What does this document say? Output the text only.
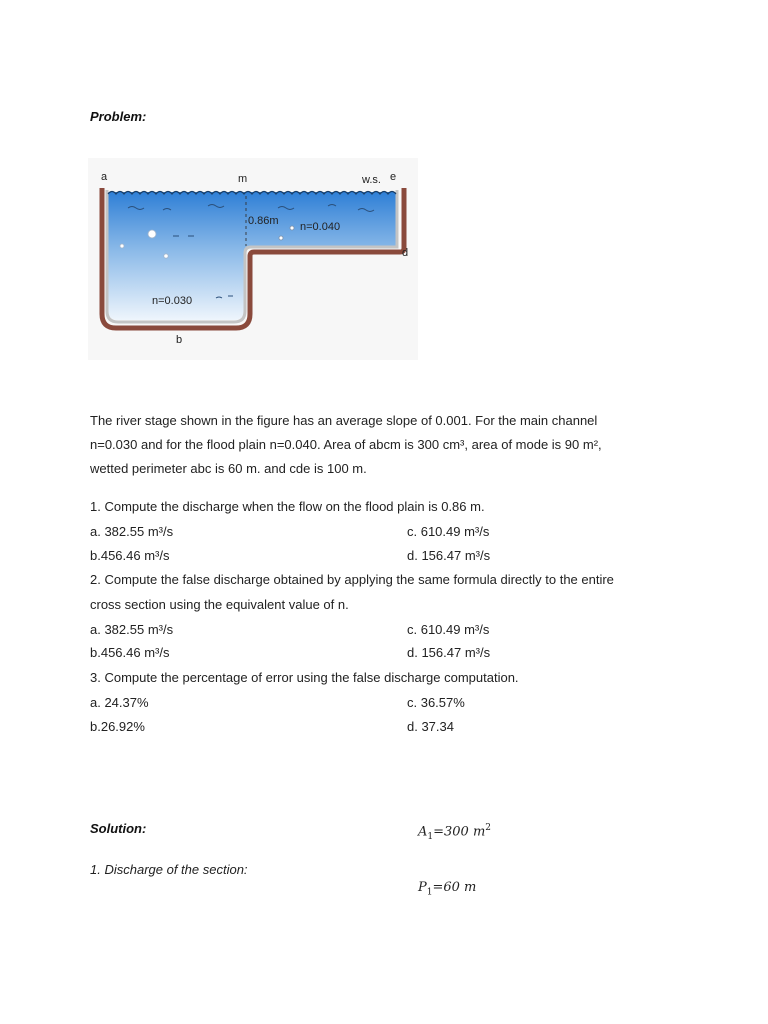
Problem:
a	m	w.s. e
d
b
0.86m n=0.040
n=0.030
The river stage shown in the figure has an average slope of 0.001. For the main channel
n=0.030 and for the flood plain n=0.040. Area of abcm is 300 cm³, area of mode is 90 m²,
wetted perimeter abc is 60 m. and cde is 100 m.
1. Compute the discharge when the flow on the flood plain is 0.86 m.
a. 382.55 m³/s	c. 610.49 m³/s
b.456.46 m³/s	d. 156.47 m³/s
2. Compute the false discharge obtained by applying the same formula directly to the entire
cross section using the equivalent value of n.
a. 382.55 m³/s	c. 610.49 m³/s
b.456.46 m³/s	d. 156.47 m³/s
3. Compute the percentage of error using the false discharge computation.
a. 24.37%	c. 36.57%
b.26.92%	d. 37.34
Solution:
1. Discharge of the section:
$A_1=300$ $m^2$
$P_1=60$ m
